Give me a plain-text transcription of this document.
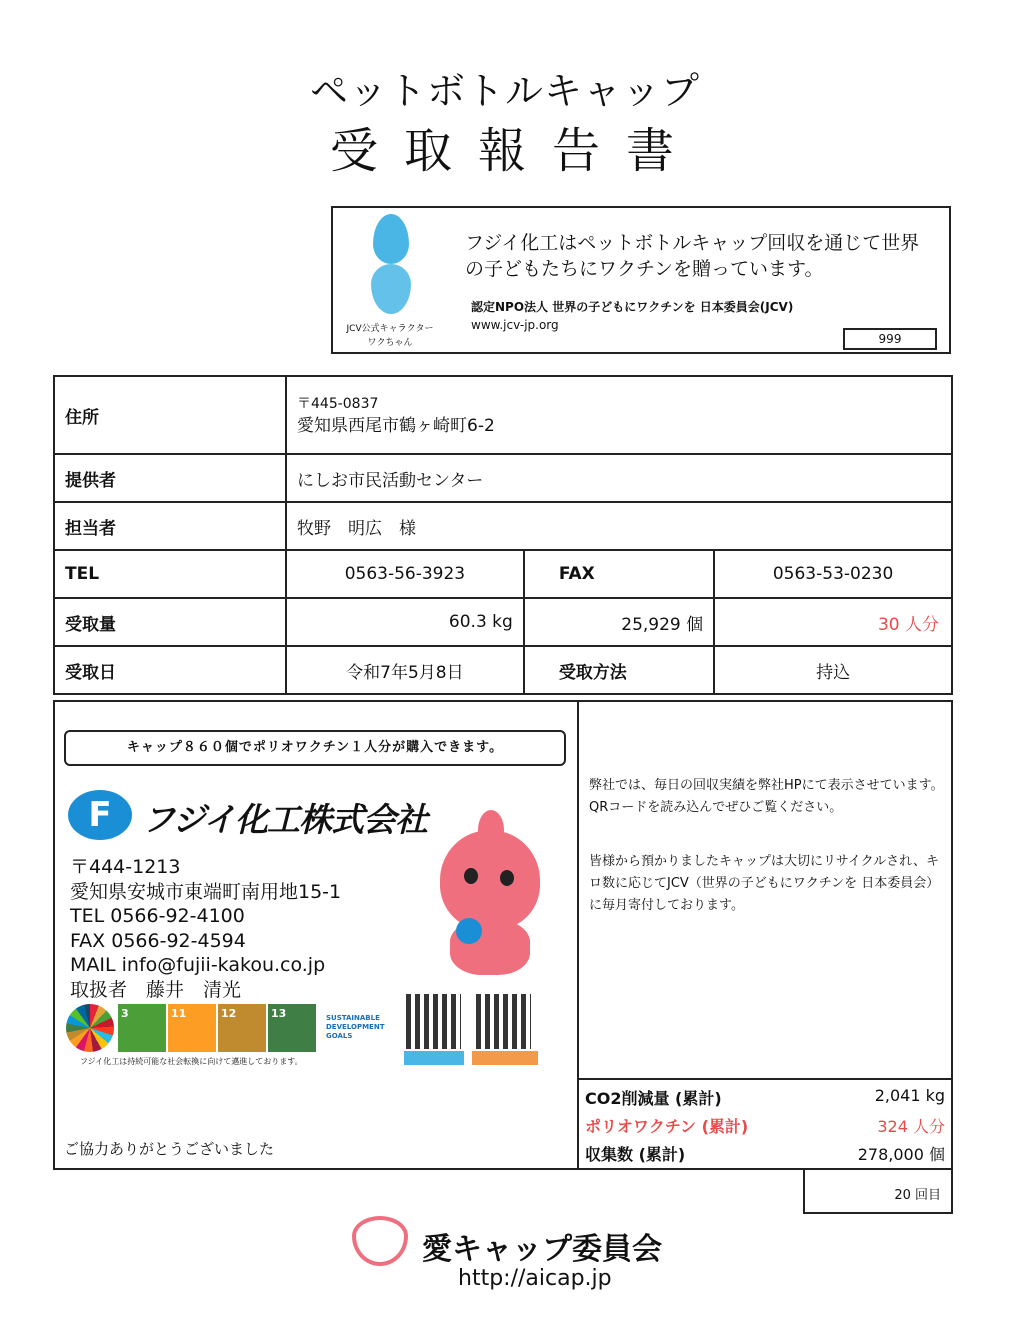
ペットボトルキャップ
受取報告書
JCV公式キャラクター
ワクちゃん
フジイ化工はペットボトルキャップ回収を通じて世界
の子どもたちにワクチンを贈っています。
認定NPO法人 世界の子どもにワクチンを 日本委員会(JCV)
www.jcv-jp.org
999
住所	〒445-0837
愛知県西尾市鶴ヶ崎町6-2		

提供者	にしお市民活動センター		
担当者	牧野　明広　様		
TEL	0563-56-3923	FAX	0563-53-0230
受取量	60.3 kg	25,929 個	30 人分
受取日	令和7年5月8日	受取方法	持込
キャップ８６０個でポリオワクチン１人分が購入できます。
F フジイ化工株式会社
〒444-1213
愛知県安城市東端町南用地15-1
TEL 0566-92-4100
FAX 0566-92-4594
MAIL info@fujii-kakou.co.jp
取扱者　藤井　清光
3	11	12	13	SUSTAINABLE DEVELOPMENT GOALS
フジイ化工は持続可能な社会転換に向けて邁進しております。
弊社では、毎日の回収実績を弊社HPにて表示させています。QRコードを読み込んでぜひご覧ください。
皆様から預かりましたキャップは大切にリサイクルされ、キロ数に応じてJCV（世界の子どもにワクチンを 日本委員会）に毎月寄付しております。
ご協力ありがとうございました
CO2削減量 (累計)	2,041 kg
ポリオワクチン (累計)	324 人分
収集数 (累計)	278,000 個
20 回目
愛キャップ委員会
http://aicap.jp
